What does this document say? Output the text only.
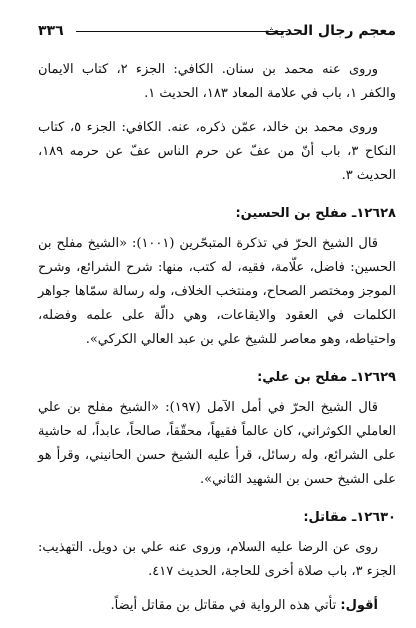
معجم رجال الحديث
٣٣٦

وروى عنه محمد بن سنان. الكافي: الجزء ٢، كتاب الايمان والكفر ١، باب في علامة المعاد ١٨٣، الحديث ١.

وروى محمد بن خالد، عمّن ذكره، عنه. الكافي: الجزء ٥، كتاب النكاح ٣، باب أنّ من عفّ عن حرم الناس عفّ عن حرمه ١٨٩، الحديث ٣.

١٢٦٢٨ـ مفلح بن الحسين:

قال الشيخ الحرّ في تذكرة المتبحّرين (١٠٠١): «الشيخ مفلح بن الحسين: فاضل، علّامة، فقيه، له كتب، منها: شرح الشرائع، وشرح الموجز ومختصر الصحاح، ومنتخب الخلاف، وله رسالة سمّاها جواهر الكلمات في العقود والايقاعات، وهي دالّة على علمه وفضله، واحتياطه، وهو معاصر للشيخ علي بن عبد العالي الكركي».

١٢٦٢٩ـ مفلح بن علي:

قال الشيخ الحرّ في أمل الآمل (١٩٧): «الشيخ مفلح بن علي العاملي الكوثراني، كان عالماً فقيهاً، محقّقاً، صالحاً، عابداً، له حاشية على الشرائع، وله رسائل، قرأ عليه الشيخ حسن الحانيني، وقرأ هو على الشيخ حسن بن الشهيد الثاني».

١٢٦٣٠ـ مقاتل:

روى عن الرضا عليه السلام، وروى عنه علي بن دويل. التهذيب: الجزء ٣، باب صلاة أخرى للحاجة، الحديث ٤١٧.

أقول: تأتي هذه الرواية في مقاتل بن مقاتل أيضاً.
